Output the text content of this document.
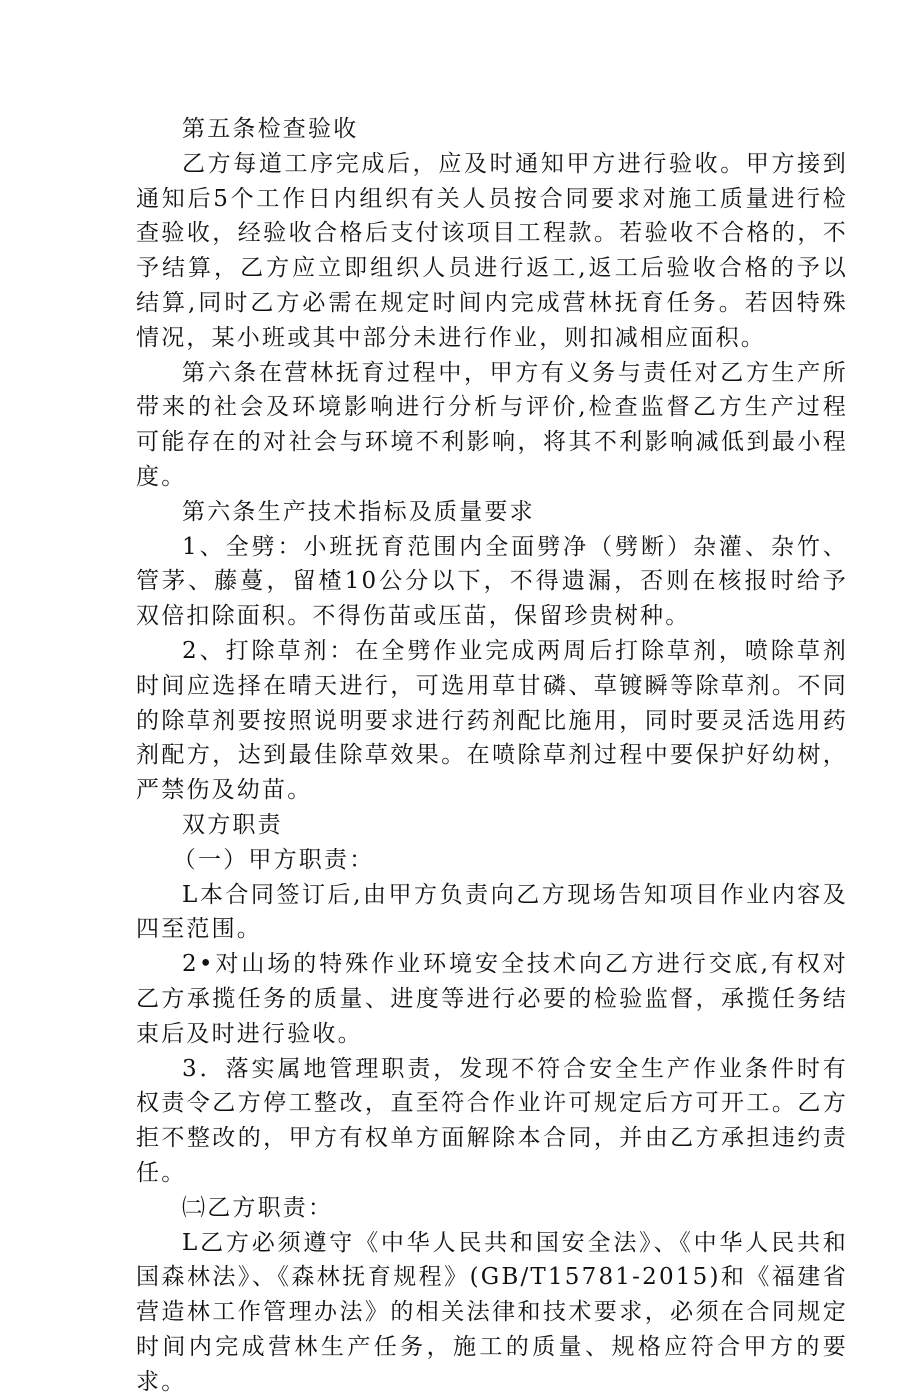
第五条检查验收

乙方每道工序完成后，应及时通知甲方进行验收。甲方接到通知后5个工作日内组织有关人员按合同要求对施工质量进行检查验收，经验收合格后支付该项目工程款。若验收不合格的，不予结算，乙方应立即组织人员进行返工,返工后验收合格的予以结算,同时乙方必需在规定时间内完成营林抚育任务。若因特殊情况，某小班或其中部分未进行作业，则扣减相应面积。

第六条在营林抚育过程中，甲方有义务与责任对乙方生产所带来的社会及环境影响进行分析与评价,检查监督乙方生产过程可能存在的对社会与环境不利影响，将其不利影响减低到最小程度。

第六条生产技术指标及质量要求

1、全劈：小班抚育范围内全面劈净（劈断）杂灌、杂竹、管茅、藤蔓，留楂10公分以下，不得遗漏，否则在核报时给予双倍扣除面积。不得伤苗或压苗，保留珍贵树种。

2、打除草剂：在全劈作业完成两周后打除草剂，喷除草剂时间应选择在晴天进行，可选用草甘磷、草镀瞬等除草剂。不同的除草剂要按照说明要求进行药剂配比施用，同时要灵活选用药剂配方，达到最佳除草效果。在喷除草剂过程中要保护好幼树，严禁伤及幼苗。

双方职责

（一）甲方职责：

L本合同签订后,由甲方负责向乙方现场告知项目作业内容及四至范围。

2•对山场的特殊作业环境安全技术向乙方进行交底,有权对乙方承揽任务的质量、进度等进行必要的检验监督，承揽任务结束后及时进行验收。

3．落实属地管理职责，发现不符合安全生产作业条件时有权责令乙方停工整改，直至符合作业许可规定后方可开工。乙方拒不整改的，甲方有权单方面解除本合同，并由乙方承担违约责任。

㈡乙方职责：

L乙方必须遵守《中华人民共和国安全法》、《中华人民共和国森林法》、《森林抚育规程》(GB/T15781-2015)和《福建省营造林工作管理办法》的相关法律和技术要求，必须在合同规定时间内完成营林生产任务，施工的质量、规格应符合甲方的要求。
